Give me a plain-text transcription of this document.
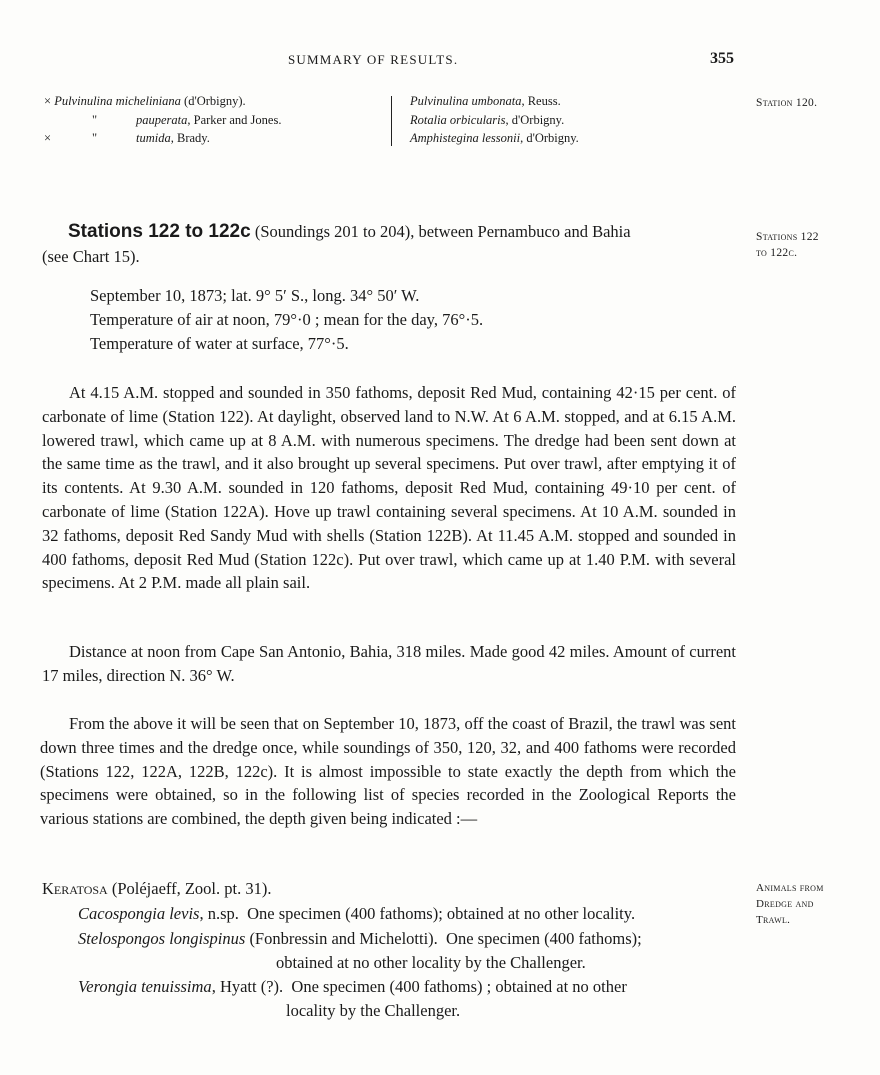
SUMMARY OF RESULTS.	355
× Pulvinulina micheliniana (d'Orbigny).
"	pauperata, Parker and Jones.
×	"	tumida, Brady.
Pulvinulina umbonata, Reuss.
Rotalia orbicularis, d'Orbigny.
Amphistegina lessonii, d'Orbigny.
Station 120.
Stations 122
to 122c.
Animals from
Dredge and
Trawl.
Stations 122 to 122c (Soundings 201 to 204), between Pernambuco and Bahia
(see Chart 15).
September 10, 1873; lat. 9° 5′ S., long. 34° 50′ W.
Temperature of air at noon, 79°·0 ; mean for the day, 76°·5.
Temperature of water at surface, 77°·5.
At 4.15 A.M. stopped and sounded in 350 fathoms, deposit Red Mud, containing 42·15 per cent. of carbonate of lime (Station 122). At daylight, observed land to N.W. At 6 A.M. stopped, and at 6.15 A.M. lowered trawl, which came up at 8 A.M. with numerous specimens. The dredge had been sent down at the same time as the trawl, and it also brought up several specimens. Put over trawl, after emptying it of its contents. At 9.30 A.M. sounded in 120 fathoms, deposit Red Mud, containing 49·10 per cent. of carbonate of lime (Station 122A). Hove up trawl containing several specimens. At 10 A.M. sounded in 32 fathoms, deposit Red Sandy Mud with shells (Station 122B). At 11.45 A.M. stopped and sounded in 400 fathoms, deposit Red Mud (Station 122c). Put over trawl, which came up at 1.40 P.M. with several specimens. At 2 P.M. made all plain sail.
Distance at noon from Cape San Antonio, Bahia, 318 miles. Made good 42 miles. Amount of current 17 miles, direction N. 36° W.
From the above it will be seen that on September 10, 1873, off the coast of Brazil, the trawl was sent down three times and the dredge once, while soundings of 350, 120, 32, and 400 fathoms were recorded (Stations 122, 122A, 122B, 122c). It is almost impossible to state exactly the depth from which the specimens were obtained, so in the following list of species recorded in the Zoological Reports the various stations are combined, the depth given being indicated :—
Keratosa (Poléjaeff, Zool. pt. 31).
Cacospongia levis, n.sp. One specimen (400 fathoms); obtained at no other locality.
Stelospongos longispinus (Fonbressin and Michelotti). One specimen (400 fathoms);
obtained at no other locality by the Challenger.
Verongia tenuissima, Hyatt (?). One specimen (400 fathoms) ; obtained at no other
locality by the Challenger.
